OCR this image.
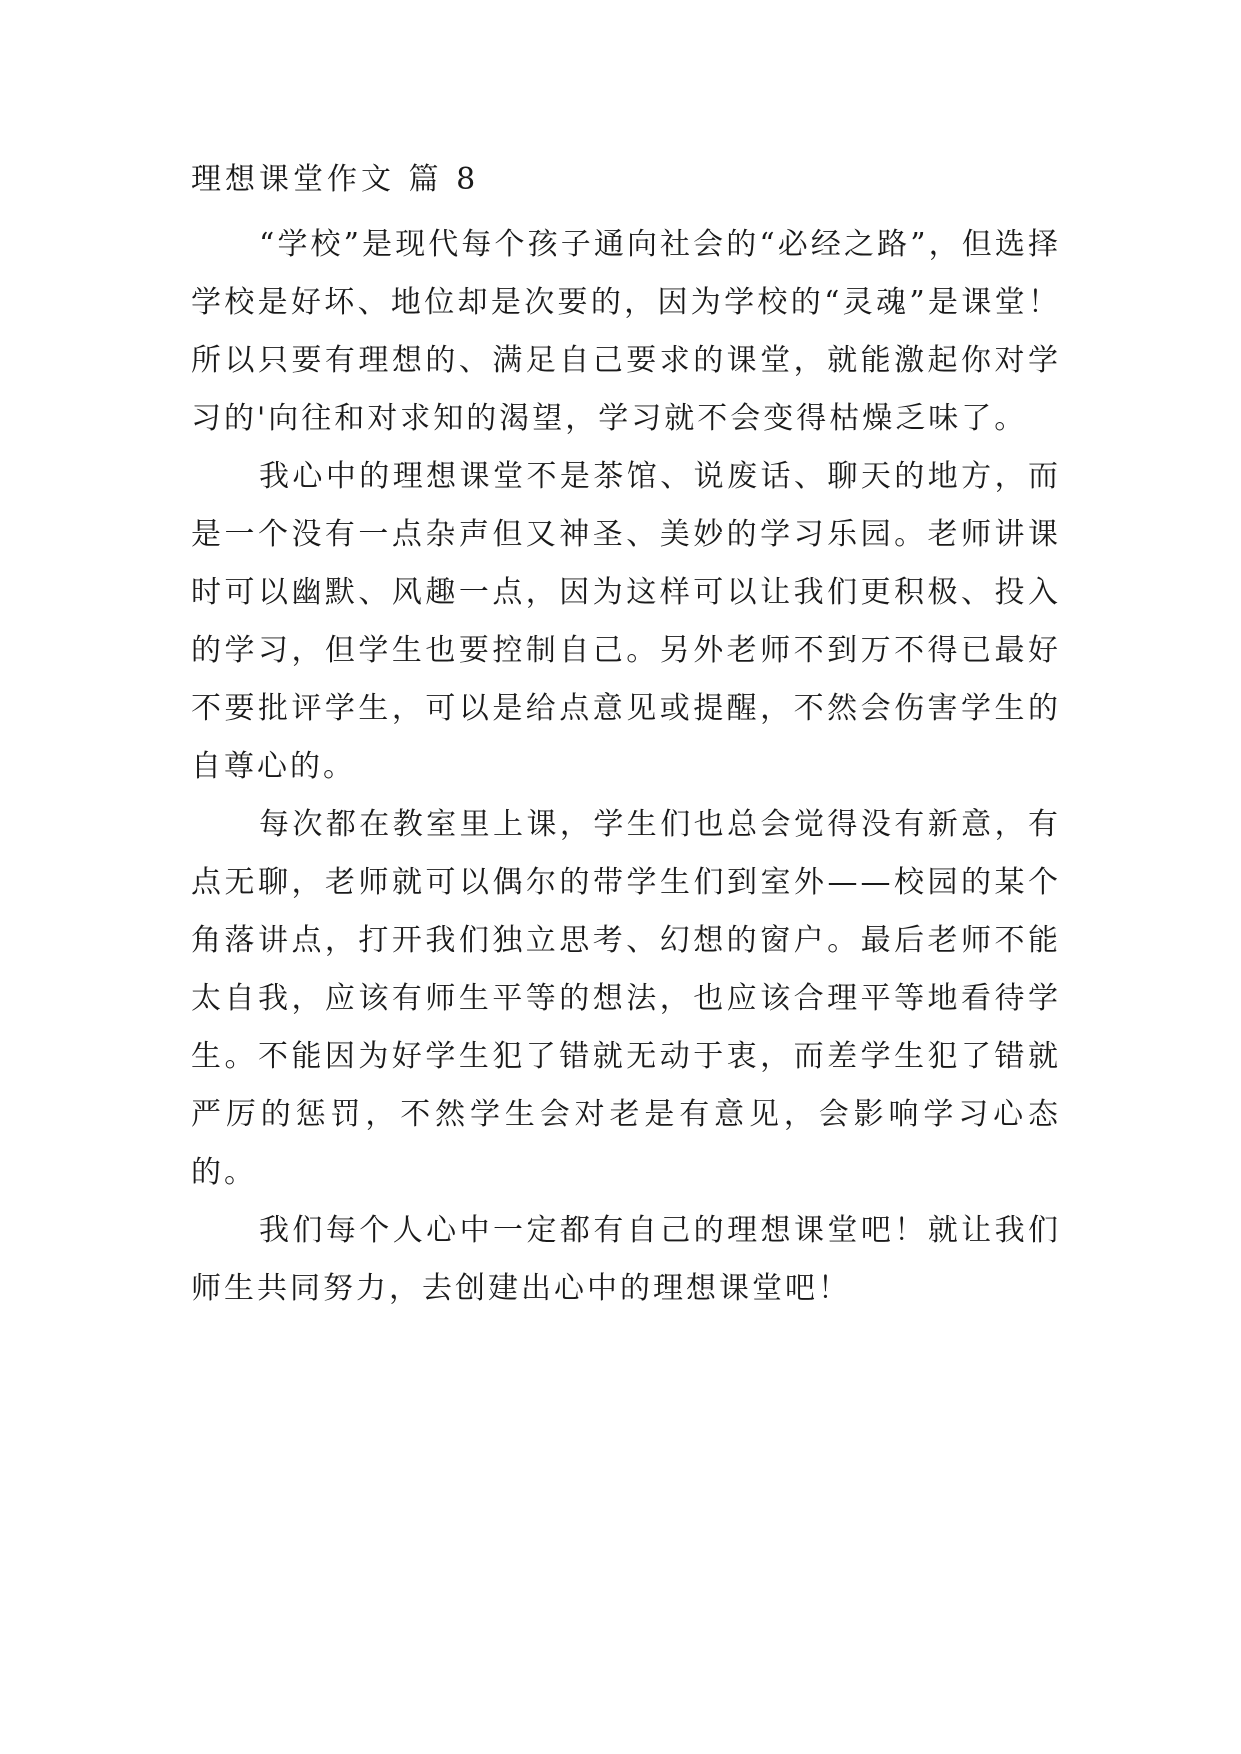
理想课堂作文 篇 8

“学校”是现代每个孩子通向社会的“必经之路”，但选择学校是好坏、地位却是次要的，因为学校的“灵魂”是课堂！所以只要有理想的、满足自己要求的课堂，就能激起你对学习的'向往和对求知的渴望，学习就不会变得枯燥乏味了。

我心中的理想课堂不是茶馆、说废话、聊天的地方，而是一个没有一点杂声但又神圣、美妙的学习乐园。老师讲课时可以幽默、风趣一点，因为这样可以让我们更积极、投入的学习，但学生也要控制自己。另外老师不到万不得已最好不要批评学生，可以是给点意见或提醒，不然会伤害学生的自尊心的。

每次都在教室里上课，学生们也总会觉得没有新意，有点无聊，老师就可以偶尔的带学生们到室外——校园的某个角落讲点，打开我们独立思考、幻想的窗户。最后老师不能太自我，应该有师生平等的想法，也应该合理平等地看待学生。不能因为好学生犯了错就无动于衷，而差学生犯了错就严厉的惩罚，不然学生会对老是有意见，会影响学习心态的。

我们每个人心中一定都有自己的理想课堂吧！就让我们师生共同努力，去创建出心中的理想课堂吧！
